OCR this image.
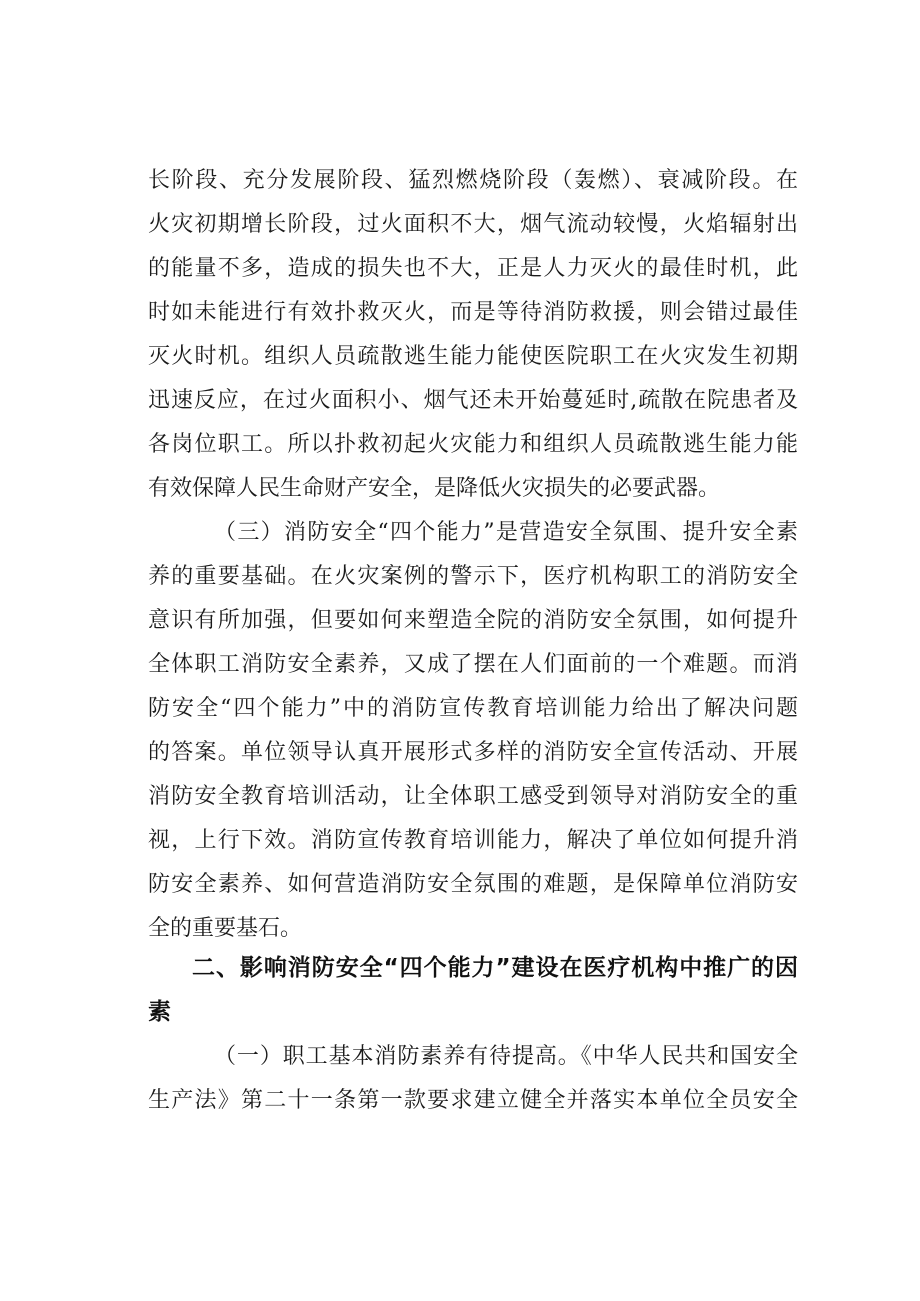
长阶段、充分发展阶段、猛烈燃烧阶段（轰燃）、衰减阶段。在
火灾初期增长阶段，过火面积不大，烟气流动较慢，火焰辐射出
的能量不多，造成的损失也不大，正是人力灭火的最佳时机，此
时如未能进行有效扑救灭火，而是等待消防救援，则会错过最佳
灭火时机。组织人员疏散逃生能力能使医院职工在火灾发生初期
迅速反应，在过火面积小、烟气还未开始蔓延时,疏散在院患者及
各岗位职工。所以扑救初起火灾能力和组织人员疏散逃生能力能
有效保障人民生命财产安全，是降低火灾损失的必要武器。
（三）消防安全“四个能力”是营造安全氛围、提升安全素
养的重要基础。在火灾案例的警示下，医疗机构职工的消防安全
意识有所加强，但要如何来塑造全院的消防安全氛围，如何提升
全体职工消防安全素养，又成了摆在人们面前的一个难题。而消
防安全“四个能力”中的消防宣传教育培训能力给出了解决问题
的答案。单位领导认真开展形式多样的消防安全宣传活动、开展
消防安全教育培训活动，让全体职工感受到领导对消防安全的重
视，上行下效。消防宣传教育培训能力，解决了单位如何提升消
防安全素养、如何营造消防安全氛围的难题，是保障单位消防安
全的重要基石。
二、影响消防安全“四个能力”建设在医疗机构中推广的因
素
（一）职工基本消防素养有待提高。《中华人民共和国安全
生产法》第二十一条第一款要求建立健全并落实本单位全员安全
